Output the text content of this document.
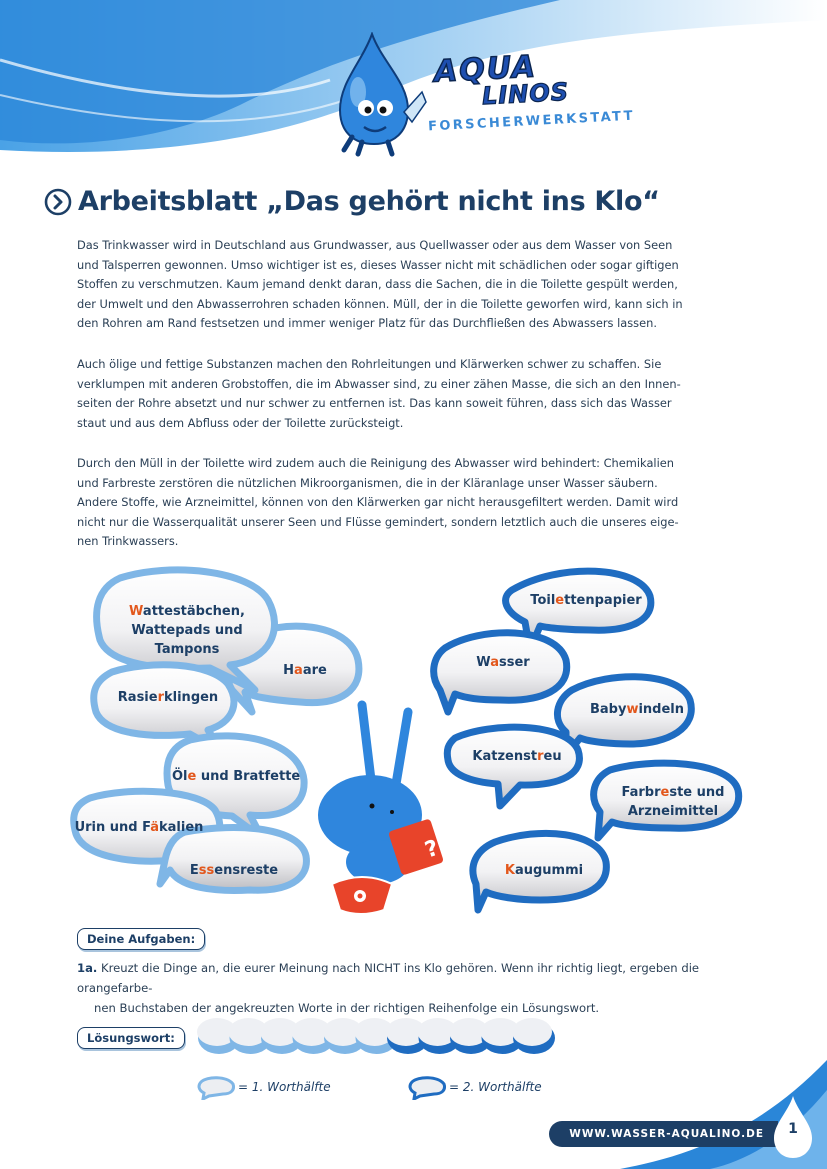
AQUA
LINOS
FORSCHERWERKSTATT
Arbeitsblatt „Das gehört nicht ins Klo“
Das Trinkwasser wird in Deutschland aus Grundwasser, aus Quellwasser oder aus dem Wasser von Seen
und Talsperren gewonnen. Umso wichtiger ist es, dieses Wasser nicht mit schädlichen oder sogar giftigen
Stoffen zu verschmutzen. Kaum jemand denkt daran, dass die Sachen, die in die Toilette gespült werden,
der Umwelt und den Abwasserrohren schaden können. Müll, der in die Toilette geworfen wird, kann sich in
den Rohren am Rand festsetzen und immer weniger Platz für das Durchfließen des Abwassers lassen.
Auch ölige und fettige Substanzen machen den Rohrleitungen und Klärwerken schwer zu schaffen. Sie
verklumpen mit anderen Grobstoffen, die im Abwasser sind, zu einer zähen Masse, die sich an den Innen-
seiten der Rohre absetzt und nur schwer zu entfernen ist. Das kann soweit führen, dass sich das Wasser
staut und aus dem Abfluss oder der Toilette zurücksteigt.
Durch den Müll in der Toilette wird zudem auch die Reinigung des Abwasser wird behindert: Chemikalien
und Farbreste zerstören die nützlichen Mikroorganismen, die in der Kläranlage unser Wasser säubern.
Andere Stoffe, wie Arzneimittel, können von den Klärwerken gar nicht herausgefiltert werden. Damit wird
nicht nur die Wasserqualität unserer Seen und Flüsse gemindert, sondern letztlich auch die unseres eige-
nen Trinkwassers.
?
Wattestäbchen,
Wattepads und
Tampons
Haare
Rasierklingen
Öle und Bratfette
Urin und Fäkalien
Essensreste
Toilettenpapier
Wasser
Babywindeln
Katzenstreu
Farbreste und
Arzneimittel
Kaugummi
Deine Aufgaben:
1a. Kreuzt die Dinge an, die eurer Meinung nach NICHT ins Klo gehören. Wenn ihr richtig liegt, ergeben die orangefarbe-
nen Buchstaben der angekreuzten Worte in der richtigen Reihenfolge ein Lösungswort.
Lösungswort:
= 1. Worthälfte	= 2. Worthälfte
WWW.WASSER-AQUALINO.DE	1
